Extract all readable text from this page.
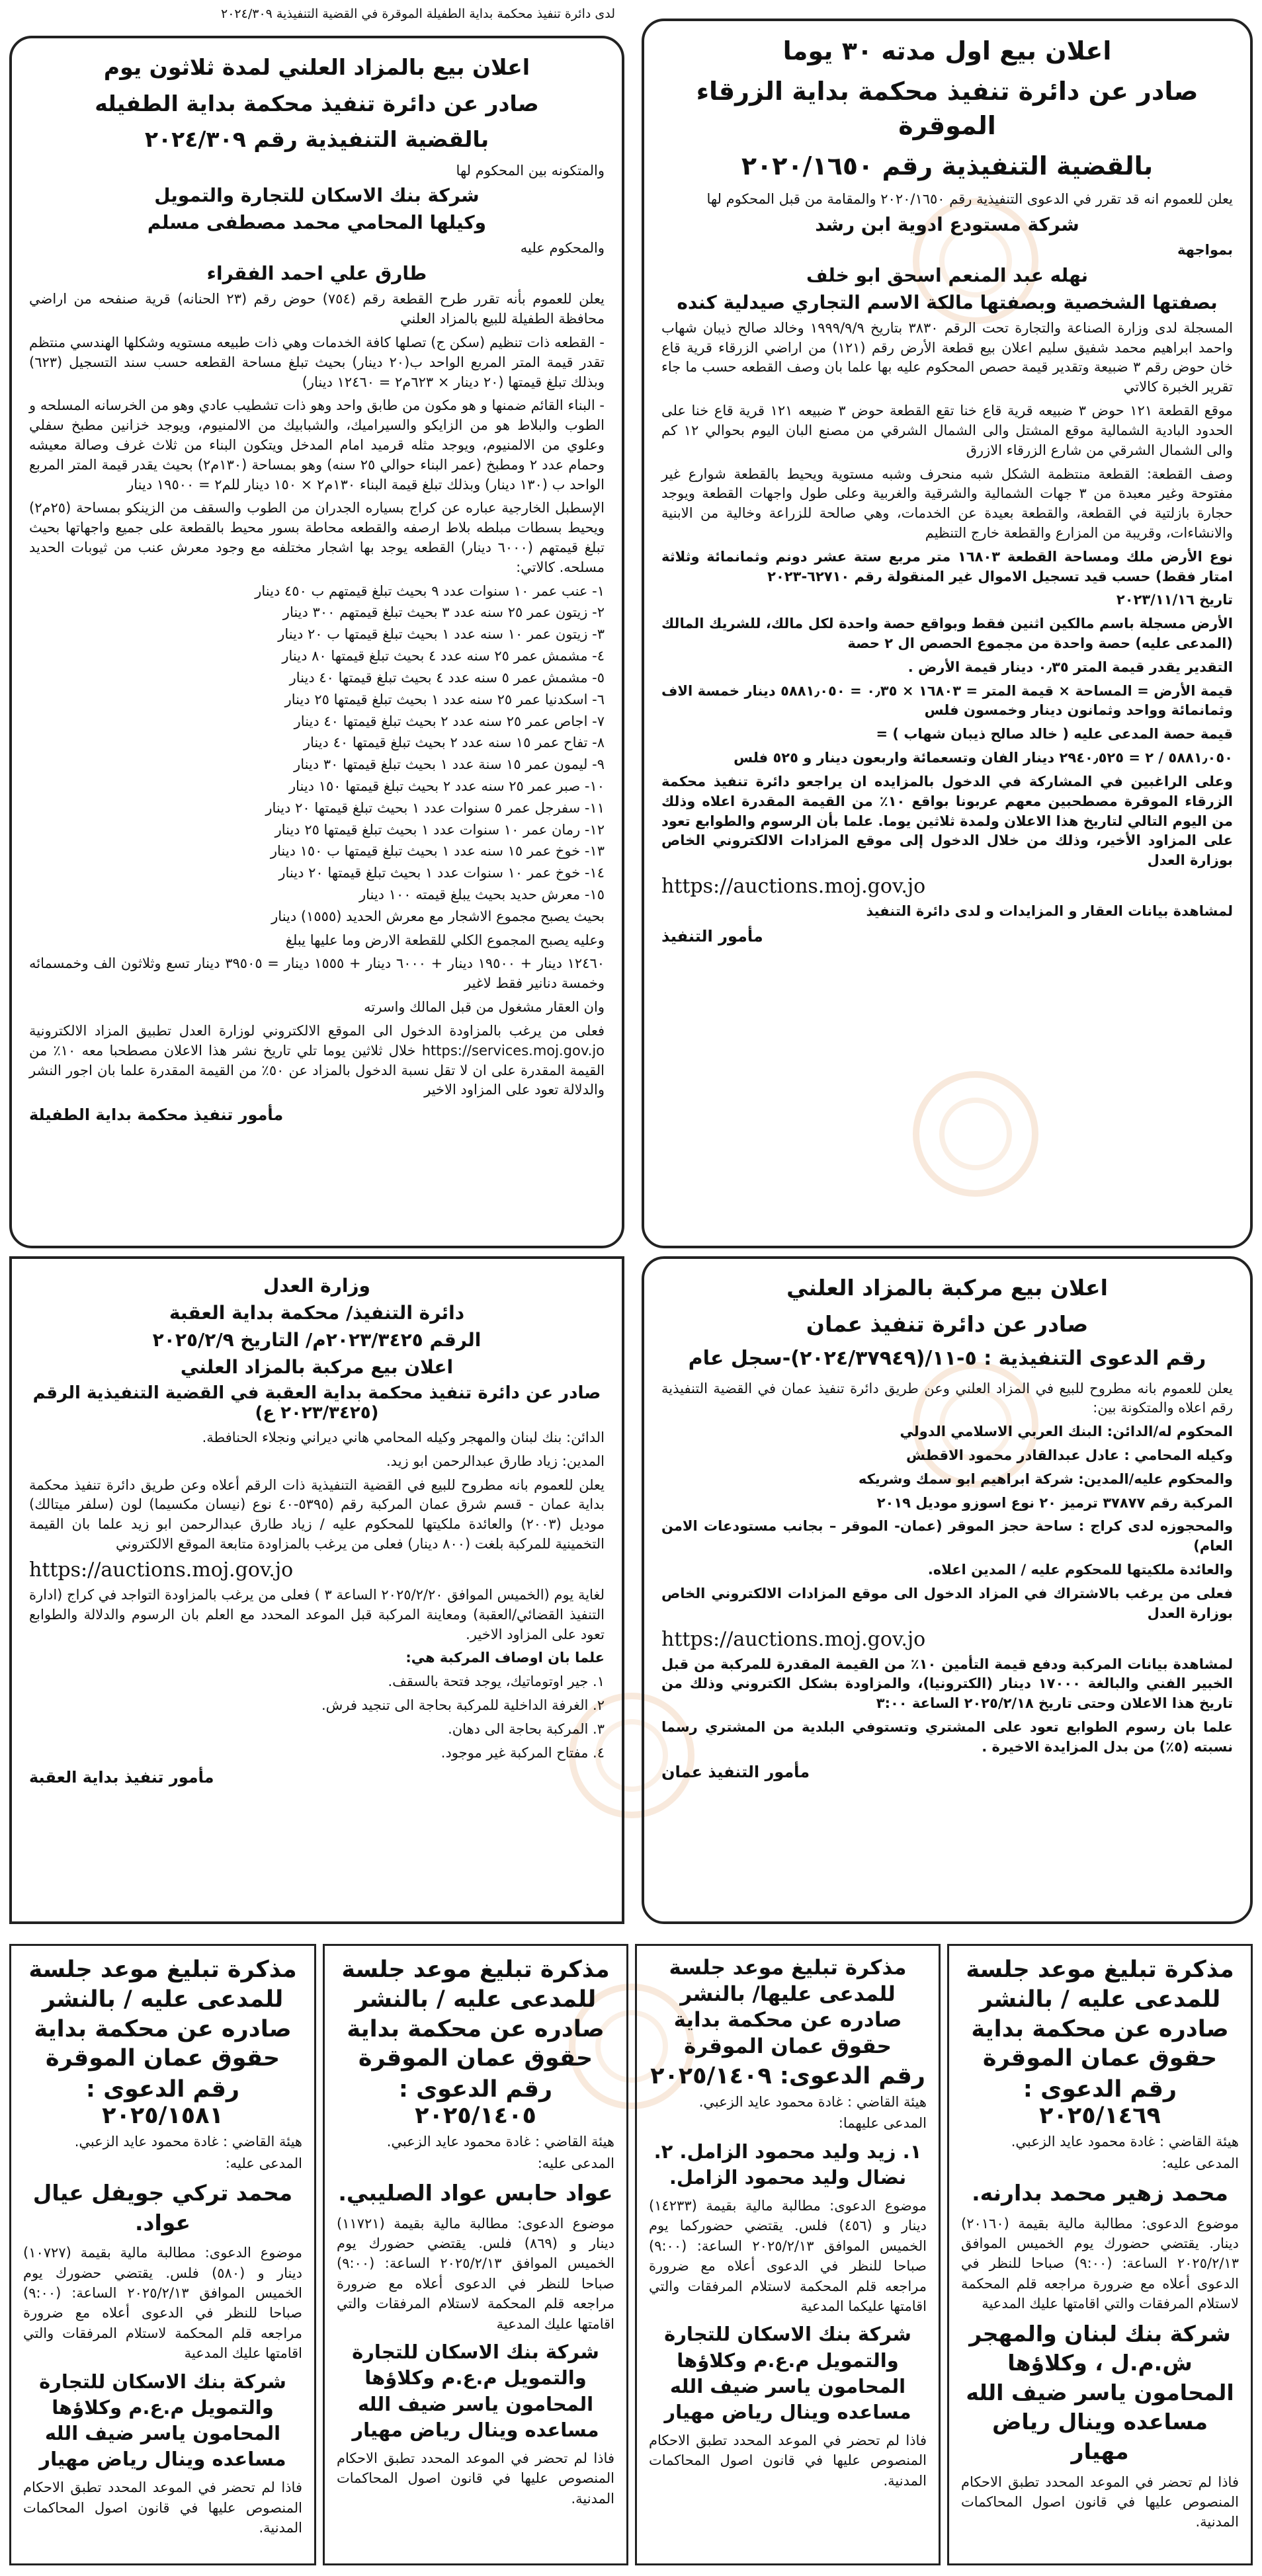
لدى دائرة تنفيذ محكمة بداية الطفيلة الموقرة في القضية التنفيذية ٢٠٢٤/٣٠٩
اعلان بيع اول مدته ٣٠ يوما
صادر عن دائرة تنفيذ محكمة بداية الزرقاء الموقرة
بالقضية التنفيذية رقم ٢٠٢٠/١٦٥٠

يعلن للعموم انه قد تقرر في الدعوى التنفيذية رقم ٢٠٢٠/١٦٥٠ والمقامة من قبل المحكوم لها

شركة مستودع ادوية ابن رشد

بمواجهة

نهله عبد المنعم اسحق ابو خلف
بصفتها الشخصية وبصفتها مالكة الاسم التجاري صيدلية كنده

المسجلة لدى وزارة الصناعة والتجارة تحت الرقم ٣٨٣٠ بتاريخ ١٩٩٩/٩/٩ وخالد صالح ذيبان شهاب واحمد ابراهيم محمد شفيق سليم اعلان بيع قطعة الأرض رقم (١٢١) من اراضي الزرقاء قرية قاع خان حوض رقم ٣ ضبيعة وتقدير قيمة حصص المحكوم عليه بها علما بان وصف القطعه حسب ما جاء تقرير الخبرة كالاتي

موقع القطعة ١٢١ حوض ٣ ضبيعه قرية قاع خنا تقع القطعة حوض ٣ ضبيعه ١٢١ قرية قاع خنا على الحدود البادية الشمالية موقع المشتل والى الشمال الشرقي من مصنع البان اليوم بحوالي ١٢ كم والى الشمال الشرقي من شارع الزرقاء الازرق

وصف القطعة: القطعة منتظمة الشكل شبه منحرف وشبه مستوية ويحيط بالقطعة شوارع غير مفتوحة وغير معبدة من ٣ جهات الشمالية والشرقية والغربية وعلى طول واجهات القطعة ويوجد حجارة بازلتية في القطعة، والقطعة بعيدة عن الخدمات، وهي صالحة للزراعة وخالية من الابنية والانشاءات، وقريبة من المزارع والقطعة خارج التنظيم

نوع الأرض ملك ومساحة القطعة ١٦٨٠٣ متر مربع ستة عشر دونم وثمانمائة وثلاثة امتار فقط) حسب قيد تسجيل الاموال غير المنقولة رقم ٦٢٧١٠-٢٠٢٣

تاريخ ٢٠٢٣/١١/١٦

الأرض مسجلة باسم مالكين اثنين فقط وبواقع حصة واحدة لكل مالك، للشريك المالك (المدعى عليه) حصة واحدة من مجموع الحصص ال ٢ حصة

التقدير يقدر قيمة المتر ٠٫٣٥ دينار قيمة الأرض .

قيمة الأرض = المساحة × قيمة المتر = ١٦٨٠٣ × ٠٫٣٥ = ٥٨٨١٫٠٥٠ دينار خمسة الاف وثمانمائة وواحد وثمانون دينار وخمسون فلس

قيمة حصة المدعى عليه ( خالد صالح ذيبان شهاب ) =

٥٨٨١٫٠٥٠ / ٢ = ٢٩٤٠٫٥٢٥ دينار الفان وتسعمائة واربعون دينار و ٥٢٥ فلس

وعلى الراغبين في المشاركة في الدخول بالمزايده ان يراجعو دائرة تنفيذ محكمة الزرقاء الموقرة مصطحبين معهم عربونا بواقع ١٠٪ من القيمة المقدرة اعلاه وذلك من اليوم التالي لتاريخ هذا الاعلان ولمدة ثلاثين يوما. علما بأن الرسوم والطوابع تعود على المزاود الأخير، وذلك من خلال الدخول إلى موقع المزادات الالكتروني الخاص بوزارة العدل

https://auctions.moj.gov.jo

لمشاهدة بيانات العقار و المزايدات و لدى دائرة التنفيذ

مأمور التنفيذ
اعلان بيع بالمزاد العلني لمدة ثلاثون يوم
صادر عن دائرة تنفيذ محكمة بداية الطفيله
بالقضية التنفيذية رقم ٢٠٢٤/٣٠٩

والمتكونه بين المحكوم لها

شركة بنك الاسكان للتجارة والتمويل
وكيلها المحامي محمد مصطفى مسلم

والمحكوم عليه

طارق علي احمد الفقراء

يعلن للعموم بأنه تقرر طرح القطعة رقم (٧٥٤) حوض رقم (٢٣ الحنانه) قرية صنفحه من اراضي محافظة الطفيلة للبيع بالمزاد العلني

- القطعه ذات تنظيم (سكن ج) تصلها كافة الخدمات وهي ذات طبيعه مستويه وشكلها الهندسي منتظم تقدر قيمة المتر المربع الواحد ب(٢٠ دينار) بحيث تبلغ مساحة القطعه حسب سند التسجيل (٦٢٣) وبذلك تبلغ قيمتها (٢٠ دينار × ٦٢٣م٢ = ١٢٤٦٠ دينار)

- البناء القائم ضمنها و هو مكون من طابق واحد وهو ذات تشطيب عادي وهو من الخرسانه المسلحه و الطوب والبلاط هو من الزايكو والسيراميك، والشبابيك من الالمنيوم، ويوجد خزانين مطبخ سفلي وعلوي من الالمنيوم، ويوجد مثله قرميد امام المدخل ويتكون البناء من ثلاث غرف وصالة معيشه وحمام عدد ٢ ومطبخ (عمر البناء حوالي ٢٥ سنه) وهو بمساحة (١٣٠م٢) بحيث يقدر قيمة المتر المربع الواحد ب (١٣٠ دينار) وبذلك تبلغ قيمة البناء ١٣٠م٢ × ١٥٠ دينار للم٢ = ١٩٥٠٠ دينار

الإسطبل الخارجية عباره عن كراج بسياره الجدران من الطوب والسقف من الزينكو بمساحة (٢٥م٢) ويحيط بسطات مبلطه بلاط ارصفه والقطعه محاطة بسور محيط بالقطعة على جميع واجهاتها بحيث تبلغ قيمتهم (٦٠٠٠ دينار) القطعه يوجد بها اشجار مختلفه مع وجود معرش عنب من ثيوبات الحديد مسلحه. كالاتي:

١- عنب عمر ١٠ سنوات عدد ٩ بحيث تبلغ قيمتهم ب ٤٥٠ دينار

٢- زيتون عمر ٢٥ سنه عدد ٣ بحيث تبلغ قيمتهم ٣٠٠ دينار

٣- زيتون عمر ١٠ سنه عدد ١ بحيث تبلغ قيمتها ب ٢٠ دينار

٤- مشمش عمر ٢٥ سنه عدد ٤ بحيث تبلغ قيمتها ٨٠ دينار

٥- مشمش عمر ٥ سنه عدد ٤ بحيث تبلغ قيمتها ٤٠ دينار

٦- اسكدنيا عمر ٢٥ سنه عدد ١ بحيث تبلغ قيمتها ٢٥ دينار

٧- اجاص عمر ٢٥ سنه عدد ٢ بحيث تبلغ قيمتها ٤٠ دينار

٨- تفاح عمر ١٥ سنه عدد ٢ بحيث تبلغ قيمتها ٤٠ دينار

٩- ليمون عمر ١٥ سنة عدد ١ بحيث تبلغ قيمتها ٣٠ دينار

١٠- صبر عمر ٢٥ سنه عدد ٢ بحيث تبلغ قيمتها ١٥٠ دينار

١١- سفرجل عمر ٥ سنوات عدد ١ بحيث تبلغ قيمتها ٢٠ دينار

١٢- رمان عمر ١٠ سنوات عدد ١ بحيث تبلغ قيمتها ٢٥ دينار

١٣- خوخ عمر ١٥ سنه عدد ١ بحيث تبلغ قيمتها ب ١٥٠ دينار

١٤- خوخ عمر ١٠ سنوات عدد ١ بحيث تبلغ قيمتها ٢٠ دينار

١٥- معرش حديد بحيث يبلغ قيمته ١٠٠ دينار

بحيث يصبح مجموع الاشجار مع معرش الحديد (١٥٥٥) دينار

وعليه يصبح المجموع الكلي للقطعة الارض وما عليها يبلغ

١٢٤٦٠ دينار + ١٩٥٠٠ دينار + ٦٠٠٠ دينار + ١٥٥٥ دينار = ٣٩٥٠٥ دينار تسع وثلاثون الف وخمسمائه وخمسة دنانير فقط لاغير

وان العقار مشغول من قبل المالك واسرته

فعلى من يرغب بالمزاودة الدخول الى الموقع الالكتروني لوزارة العدل تطبيق المزاد الالكترونية https://services.moj.gov.jo خلال ثلاثين يوما تلي تاريخ نشر هذا الاعلان مصطحبا معه ١٠٪ من القيمة المقدرة على ان لا تقل نسبة الدخول بالمزاد عن ٥٠٪ من القيمة المقدرة علما بان اجور النشر والدلالة تعود على المزاود الاخير

مأمور تنفيذ محكمة بداية الطفيلة
اعلان بيع مركبة بالمزاد العلني
صادر عن دائرة تنفيذ عمان
رقم الدعوى التنفيذية : ٥-١١/(٢٠٢٤/٣٧٩٤٩)-سجل عام

يعلن للعموم بانه مطروح للبيع في المزاد العلني وعن طريق دائرة تنفيذ عمان في القضية التنفيذية رقم اعلاه والمتكونة بين:

المحكوم له/الدائن: البنك العربي الاسلامي الدولي

وكيله المحامي : عادل عبدالقادر محمود الاقطش

والمحكوم عليه/المدين: شركة ابراهيم ابو سمك وشريكه

المركبة رقم ٣٧٨٧٧ ترميز ٢٠ نوع اسوزو موديل ٢٠١٩

والمحجوزه لدى كراج : ساحة حجز الموقر (عمان- الموقر – بجانب مستودعات الامن العام)

والعائدة ملكيتها للمحكوم عليه / المدين اعلاه.

فعلى من يرغب بالاشتراك في المزاد الدخول الى موقع المزادات الالكتروني الخاص بوزارة العدل

https://auctions.moj.gov.jo

لمشاهدة بيانات المركبة ودفع قيمة التأمين ١٠٪ من القيمة المقدرة للمركبة من قبل الخبير الفني والبالغة ١٧٠٠٠ دينار (الكترونيا)، والمزاودة بشكل الكتروني وذلك من تاريخ هذا الاعلان وحتى تاريخ ٢٠٢٥/٢/١٨ الساعة ٣:٠٠

علما بان رسوم الطوابع تعود على المشتري وتستوفي البلدية من المشتري رسما نسبته (٥٪) من بدل المزايدة الاخيرة .

مأمور التنفيذ عمان
وزارة العدل
دائرة التنفيذ/ محكمة بداية العقبة
الرقم ٢٠٢٣/٣٤٢٥م/ التاريخ ٢٠٢٥/٢/٩
اعلان بيع مركبة بالمزاد العلني
صادر عن دائرة تنفيذ محكمة بداية العقبة في القضية التنفيذية الرقم (٢٠٢٣/٣٤٢٥ ع)

الدائن: بنك لبنان والمهجر وكيله المحامي هاني ديراني ونجلاء الحنافطة.

المدين: زياد طارق عبدالرحمن ابو زيد.

يعلن للعموم بانه مطروح للبيع في القضية التنفيذية ذات الرقم أعلاه وعن طريق دائرة تنفيذ محكمة بداية عمان - قسم شرق عمان المركبة رقم (٥٣٩٥-٤٠ نوع (نيسان مكسيما) لون (سلفر ميتالك) موديل (٢٠٠٣) والعائدة ملكيتها للمحكوم عليه / زياد طارق عبدالرحمن ابو زيد علما بان القيمة التخمينية للمركبة بلغت (٨٠٠ دينار) فعلى من يرغب بالمزاودة متابعة الموقع الالكتروني

https://auctions.moj.gov.jo

لغاية يوم (الخميس الموافق ٢٠٢٥/٢/٢٠ الساعة ٣ ) فعلى من يرغب بالمزاودة التواجد في كراج (ادارة التنفيذ القضائي/العقبة) ومعاينة المركبة قبل الموعد المحدد مع العلم بان الرسوم والدلالة والطوابع تعود على المزاود الاخير.

علما بان اوصاف المركبة هي:

١. جير اوتوماتيك، يوجد فتحة بالسقف.

٢. الغرفة الداخلية للمركبة بحاجة الى تنجيد فرش.

٣. المركبة بحاجة الى دهان.

٤. مفتاح المركبة غير موجود.

مأمور تنفيذ بداية العقبة
مذكرة تبليغ موعد جلسة للمدعى عليه / بالنشر صادره عن محكمة بداية حقوق عمان الموقرة
رقم الدعوى : ٢٠٢٥/١٤٦٩

هيئة القاضي : غادة محمود عايد الزعبي.

المدعى عليه:

محمد زهير محمد بدارنه.

موضوع الدعوى: مطالبة مالية بقيمة (٢٠١٦٠) دينار. يقتضي حضورك يوم الخميس الموافق ٢٠٢٥/٢/١٣ الساعة: (٩:٠٠) صباحا للنظر في الدعوى أعلاه مع ضرورة مراجعه قلم المحكمة لاستلام المرفقات والتي اقامتها عليك المدعية

شركة بنك لبنان والمهجر ش.م.ل ، وكلاؤها المحامون ياسر ضيف الله مساعده وينال رياض مهيار

فاذا لم تحضر في الموعد المحدد تطبق الاحكام المنصوص عليها في قانون اصول المحاكمات المدنية.

مذكرة تبليغ موعد جلسة للمدعى عليها/ بالنشر صادره عن محكمة بداية حقوق عمان الموقرة
رقم الدعوى: ٢٠٢٥/١٤٠٩

هيئة القاضي : غادة محمود عايد الزعبي.

المدعى عليهما:

١. زيد وليد محمود الزامل. ٢. نضال وليد محمود الزامل.

موضوع الدعوى: مطالبة مالية بقيمة (١٤٢٣٣) دينار و (٤٥٦) فلس. يقتضي حضوركما يوم الخميس الموافق ٢٠٢٥/٢/١٣ الساعة: (٩:٠٠) صباحا للنظر في الدعوى أعلاه مع ضرورة مراجعه قلم المحكمة لاستلام المرفقات والتي اقامتها عليكما المدعية

شركة بنك الاسكان للتجارة والتمويل م.ع.م وكلاؤها المحامون ياسر ضيف الله مساعده وينال رياض مهيار

فاذا لم تحضر في الموعد المحدد تطبق الاحكام المنصوص عليها في قانون اصول المحاكمات المدنية.

مذكرة تبليغ موعد جلسة للمدعى عليه / بالنشر صادره عن محكمة بداية حقوق عمان الموقرة
رقم الدعوى : ٢٠٢٥/١٤٠٥

هيئة القاضي : غادة محمود عايد الزعبي.

المدعى عليه:

عواد حابس عواد الصليبي.

موضوع الدعوى: مطالبة مالية بقيمة (١١٧٢١) دينار و (٨٦٩) فلس. يقتضي حضورك يوم الخميس الموافق ٢٠٢٥/٢/١٣ الساعة: (٩:٠٠) صباحا للنظر في الدعوى أعلاه مع ضرورة مراجعه قلم المحكمة لاستلام المرفقات والتي اقامتها عليك المدعية

شركة بنك الاسكان للتجارة والتمويل م.ع.م وكلاؤها المحامون ياسر ضيف الله مساعده وينال رياض مهيار

فاذا لم تحضر في الموعد المحدد تطبق الاحكام المنصوص عليها في قانون اصول المحاكمات المدنية.

مذكرة تبليغ موعد جلسة للمدعى عليه / بالنشر صادره عن محكمة بداية حقوق عمان الموقرة
رقم الدعوى : ٢٠٢٥/١٥٨١

هيئة القاضي : غادة محمود عايد الزعبي.

المدعى عليه:

محمد تركي جويفل عيال عواد.

موضوع الدعوى: مطالبة مالية بقيمة (١٠٧٢٧) دينار و (٥٨٠) فلس. يقتضي حضورك يوم الخميس الموافق ٢٠٢٥/٢/١٣ الساعة: (٩:٠٠) صباحا للنظر في الدعوى أعلاه مع ضرورة مراجعه قلم المحكمة لاستلام المرفقات والتي اقامتها عليك المدعية

شركة بنك الاسكان للتجارة والتمويل م.ع.م وكلاؤها المحامون ياسر ضيف الله مساعده وينال رياض مهيار

فاذا لم تحضر في الموعد المحدد تطبق الاحكام المنصوص عليها في قانون اصول المحاكمات المدنية.
